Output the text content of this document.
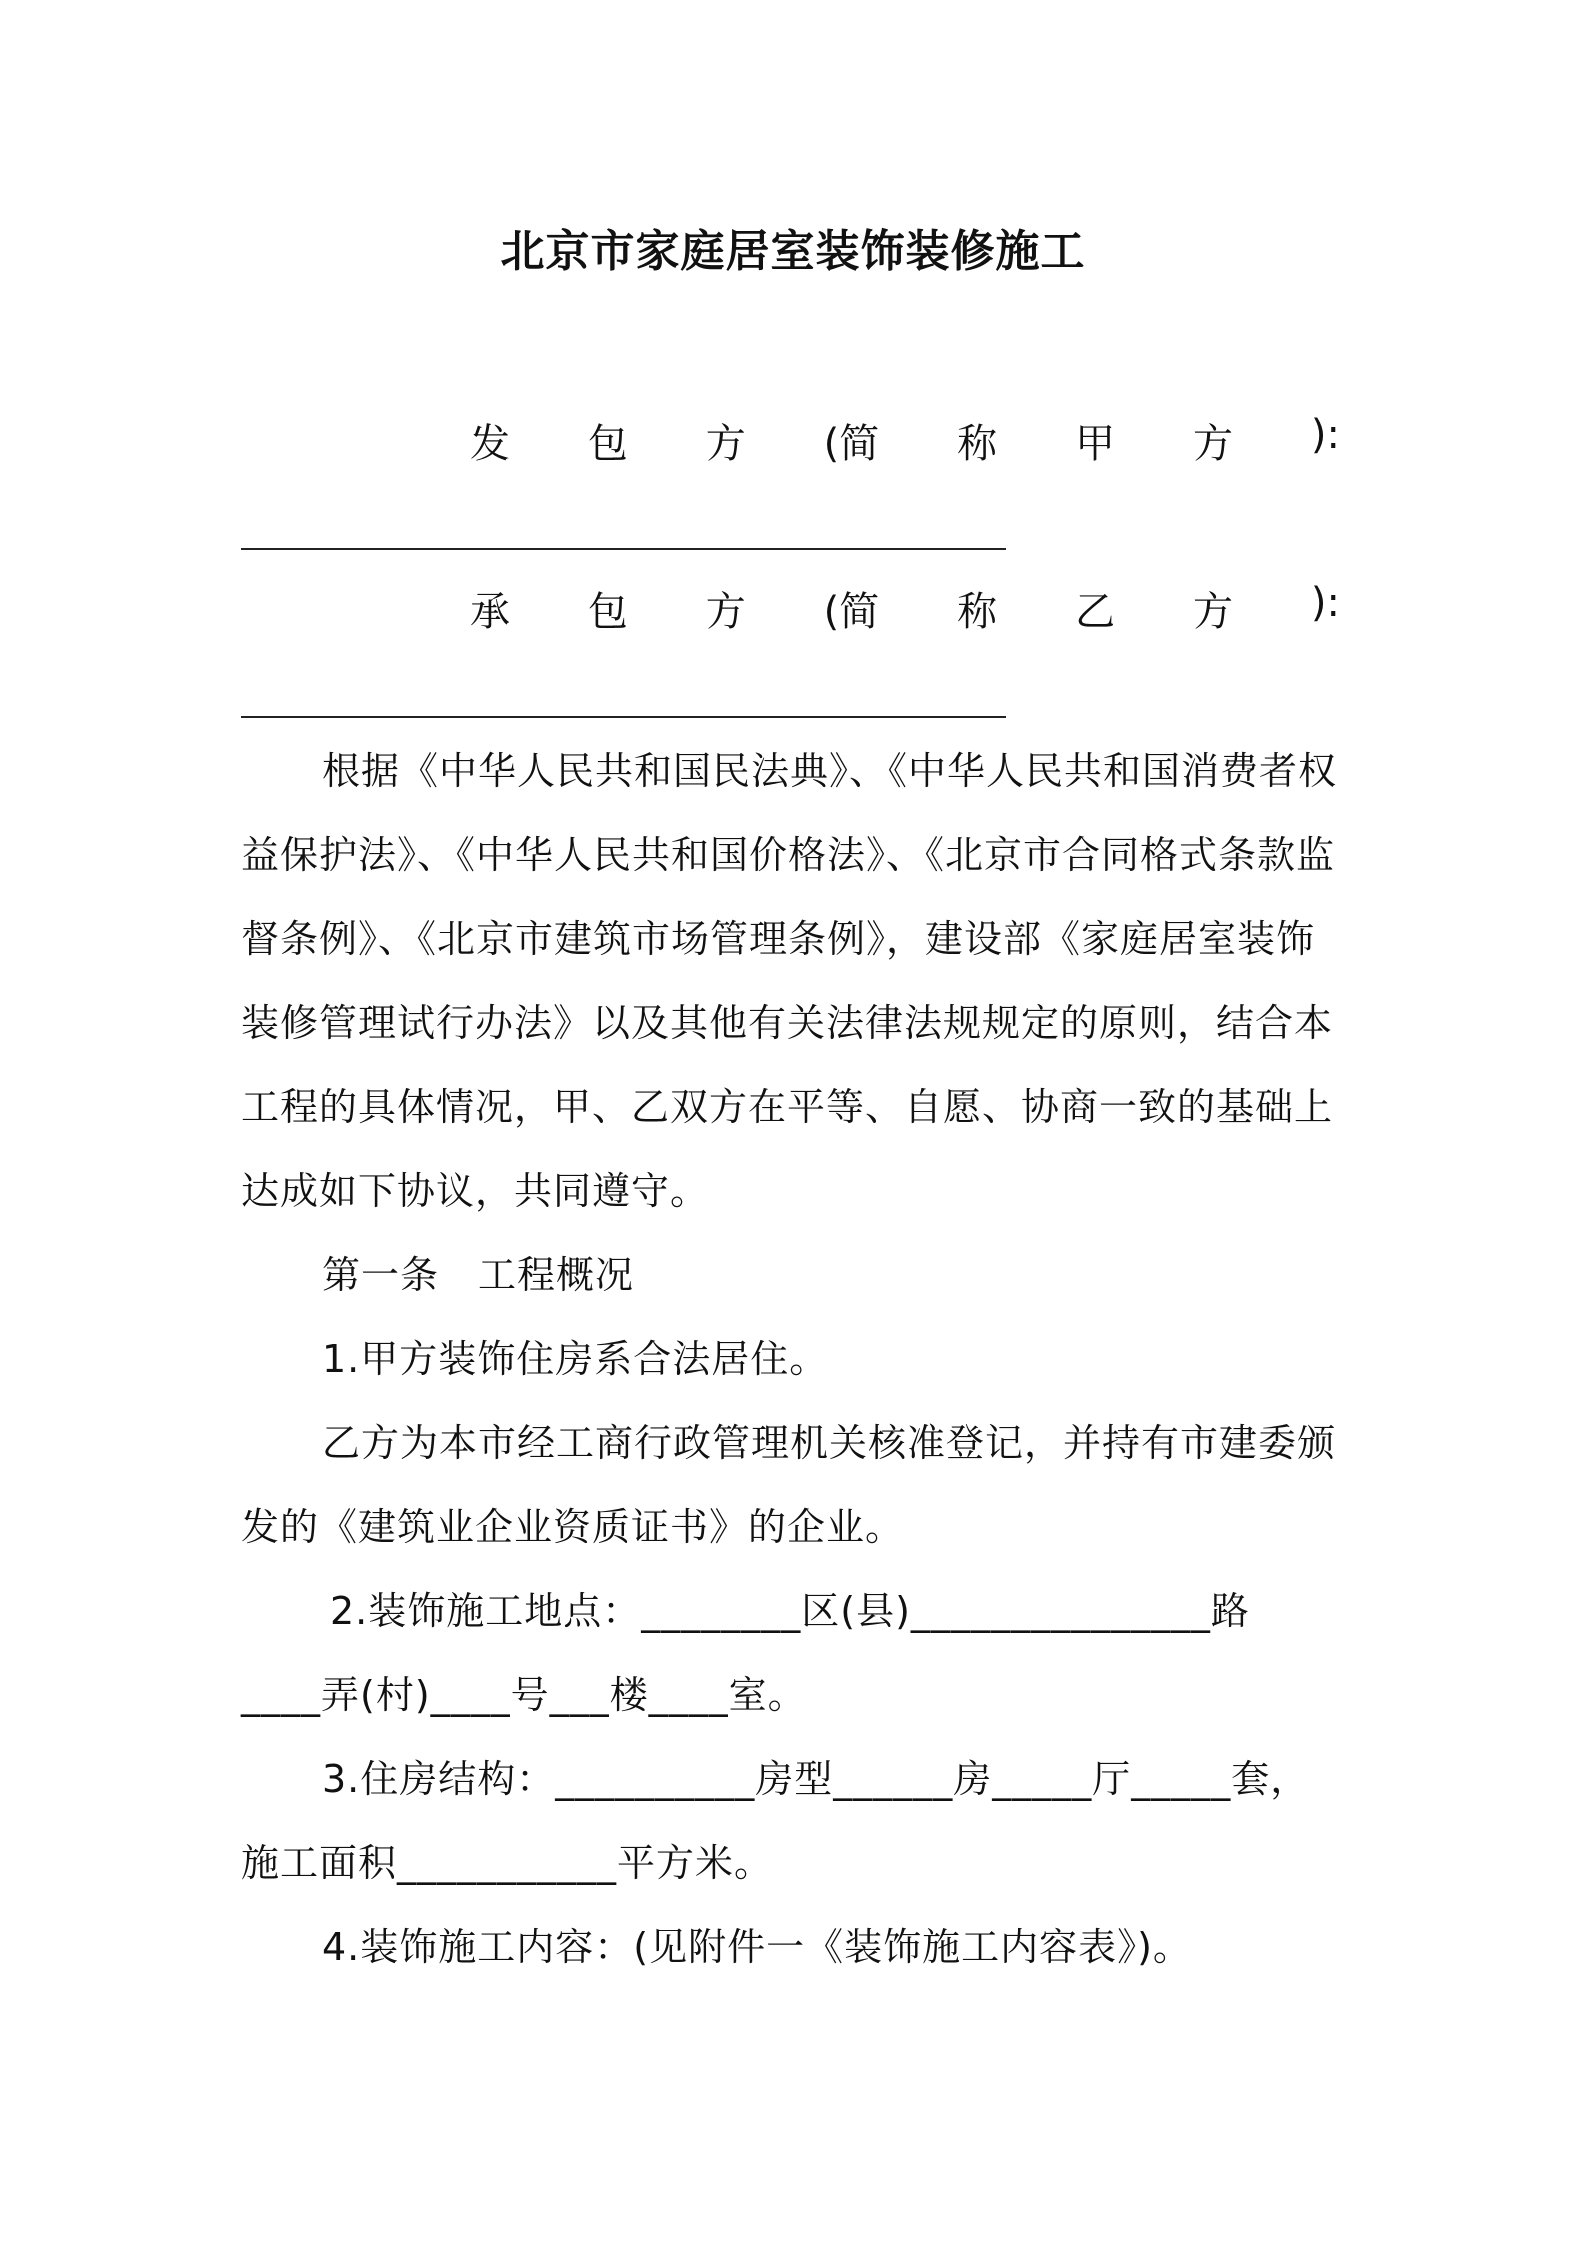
北京市家庭居室装饰装修施工
发 包 方 (简 称 甲 方 ):
承 包 方 (简 称 乙 方 ):
根据《中华人民共和国民法典》、《中华人民共和国消费者权
益保护法》、《中华人民共和国价格法》、《北京市合同格式条款监
督条例》、《北京市建筑市场管理条例》，建设部《家庭居室装饰
装修管理试行办法》以及其他有关法律法规规定的原则，结合本
工程的具体情况，甲、乙双方在平等、自愿、协商一致的基础上
达成如下协议，共同遵守。
第一条　工程概况
1.甲方装饰住房系合法居住。
乙方为本市经工商行政管理机关核准登记，并持有市建委颁
发的《建筑业企业资质证书》的企业。
2.装饰施工地点：________区(县)_______________路
____弄(村)____号___楼____室。
3.住房结构：__________房型______房_____厅_____套，
施工面积___________平方米。
4.装饰施工内容：(见附件一《装饰施工内容表》)。
